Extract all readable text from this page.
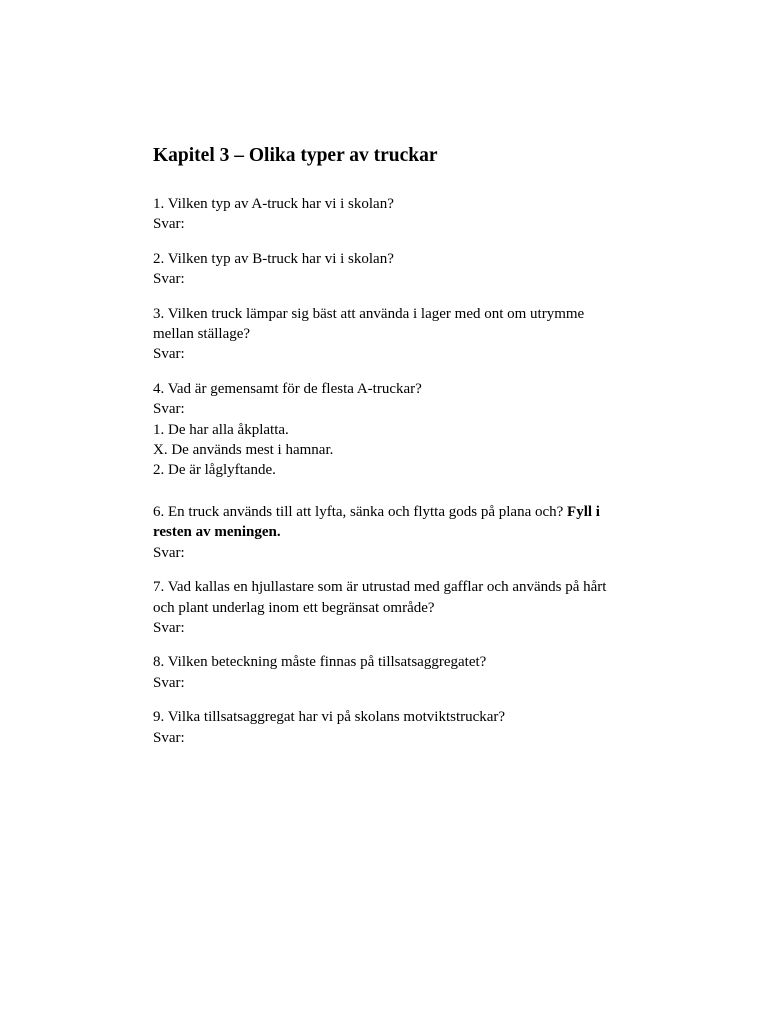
Kapitel 3 – Olika typer av truckar

1. Vilken typ av A-truck har vi i skolan?

Svar:

2. Vilken typ av B-truck har vi i skolan?

Svar:

3. Vilken truck lämpar sig bäst att använda i lager med ont om utrymme mellan ställage?

Svar:

4. Vad är gemensamt för de flesta A-truckar?

Svar:

1. De har alla åkplatta.

X. De används mest i hamnar.

2. De är låglyftande.

6. En truck används till att lyfta, sänka och flytta gods på plana och? Fyll i resten av meningen.

Svar:

7. Vad kallas en hjullastare som är utrustad med gafflar och används på hårt och plant underlag inom ett begränsat område?

Svar:

8. Vilken beteckning måste finnas på tillsatsaggregatet?

Svar:

9. Vilka tillsatsaggregat har vi på skolans motviktstruckar?

Svar:
